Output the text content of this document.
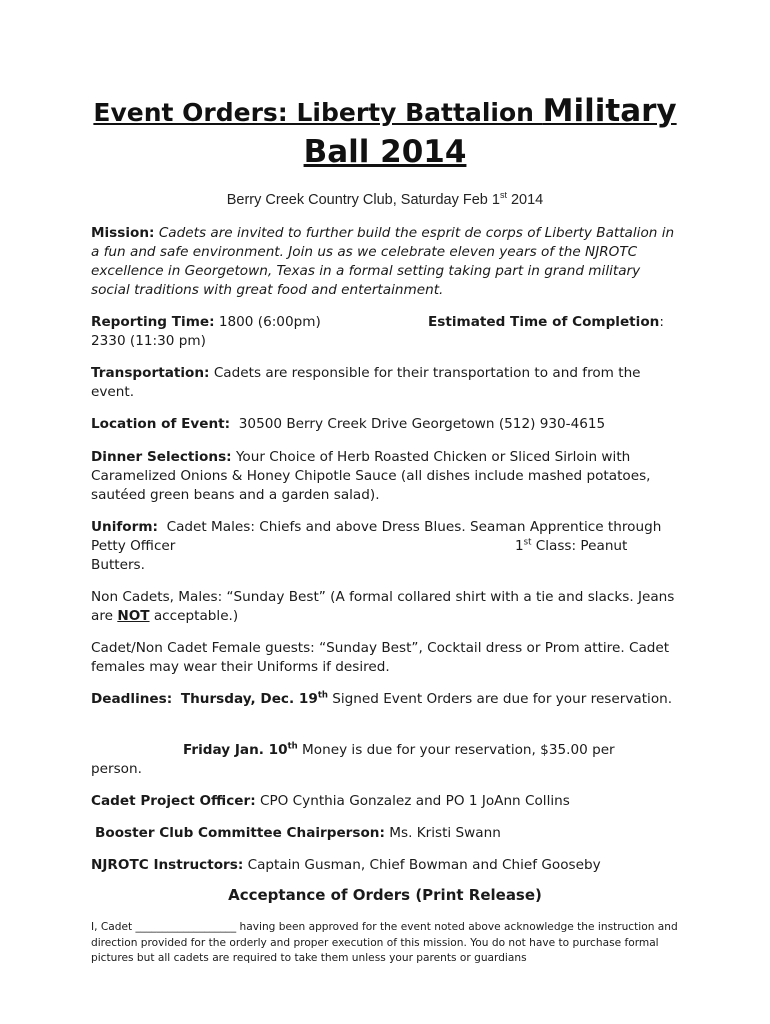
Event Orders: Liberty Battalion Military
Ball 2014
Berry Creek Country Club, Saturday Feb 1st 2014
Mission: Cadets are invited to further build the esprit de corps of Liberty Battalion in a fun and safe environment. Join us as we celebrate eleven years of the NJROTC excellence in Georgetown, Texas in a formal setting taking part in grand military social traditions with great food and entertainment.
Reporting Time: 1800 (6:00pm)	Estimated Time of Completion:
2330 (11:30 pm)
Transportation: Cadets are responsible for their transportation to and from the event.
Location of Event: 30500 Berry Creek Drive Georgetown (512) 930-4615
Dinner Selections: Your Choice of Herb Roasted Chicken or Sliced Sirloin with Caramelized Onions & Honey Chipotle Sauce (all dishes include mashed potatoes, sautéed green beans and a garden salad).
Uniform: Cadet Males: Chiefs and above Dress Blues. Seaman Apprentice through Petty Officer	1st Class: Peanut
Butters.
Non Cadets, Males: “Sunday Best” (A formal collared shirt with a tie and slacks. Jeans are NOT acceptable.)
Cadet/Non Cadet Female guests: “Sunday Best”, Cocktail dress or Prom attire. Cadet females may wear their Uniforms if desired.
Deadlines: Thursday, Dec. 19th Signed Event Orders are due for your reservation.
Friday Jan. 10th Money is due for your reservation, $35.00 per
person.
Cadet Project Officer: CPO Cynthia Gonzalez and PO 1 JoAnn Collins
Booster Club Committee Chairperson: Ms. Kristi Swann
NJROTC Instructors: Captain Gusman, Chief Bowman and Chief Gooseby
Acceptance of Orders (Print Release)
I, Cadet ___________________ having been approved for the event noted above acknowledge the instruction and direction provided for the orderly and proper execution of this mission. You do not have to purchase formal pictures but all cadets are required to take them unless your parents or guardians
